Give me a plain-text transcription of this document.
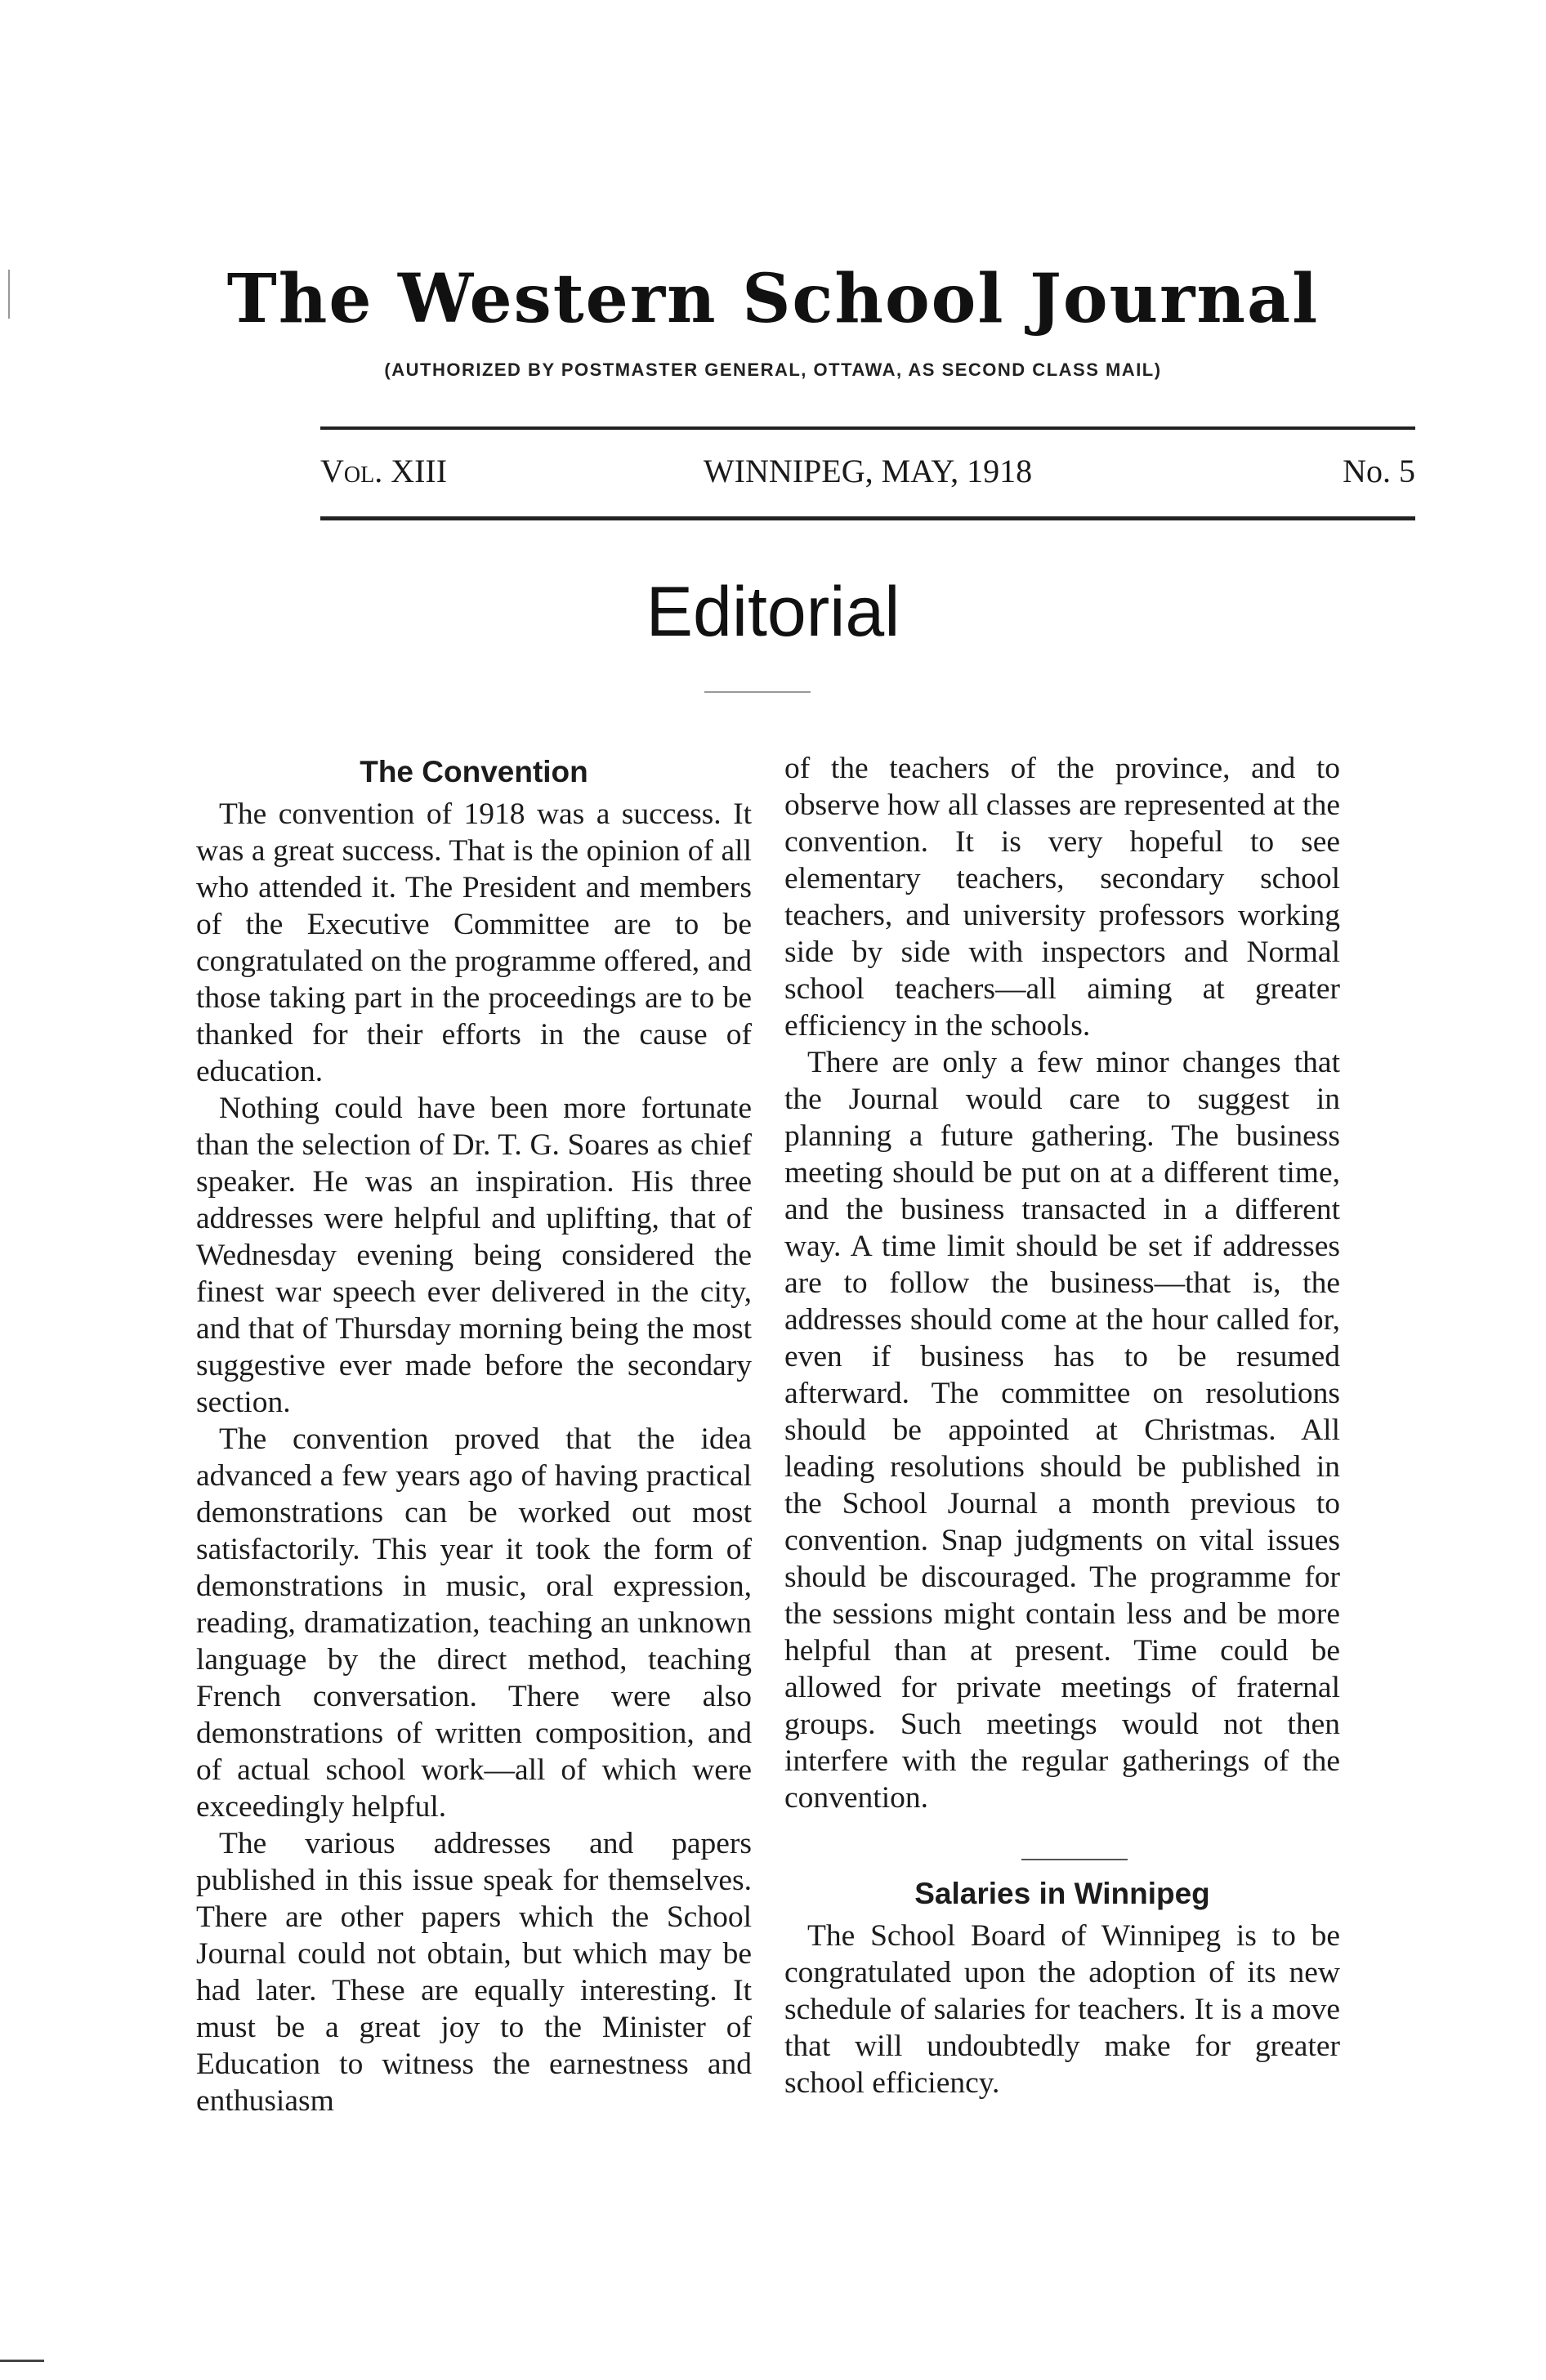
The Western School Journal
(AUTHORIZED BY POSTMASTER GENERAL, OTTAWA, AS SECOND CLASS MAIL)
Vol. XIII	WINNIPEG, MAY, 1918	No. 5
Editorial
The Convention

The convention of 1918 was a success. It was a great success. That is the opinion of all who attended it. The President and members of the Executive Committee are to be congratulated on the programme offered, and those taking part in the proceedings are to be thanked for their efforts in the cause of education.

Nothing could have been more fortunate than the selection of Dr. T. G. Soares as chief speaker. He was an inspiration. His three addresses were helpful and uplifting, that of Wednesday evening being considered the finest war speech ever delivered in the city, and that of Thursday morning being the most suggestive ever made before the secondary section.

The convention proved that the idea advanced a few years ago of having practical demonstrations can be worked out most satisfactorily. This year it took the form of demonstrations in music, oral expression, reading, dramatization, teaching an unknown language by the direct method, teaching French conversation. There were also demonstrations of written composition, and of actual school work—all of which were exceedingly helpful.

The various addresses and papers published in this issue speak for themselves. There are other papers which the School Journal could not obtain, but which may be had later. These are equally interesting. It must be a great joy to the Minister of Education to witness the earnestness and enthusiasm

of the teachers of the province, and to observe how all classes are represented at the convention. It is very hopeful to see elementary teachers, secondary school teachers, and university professors working side by side with inspectors and Normal school teachers—all aiming at greater efficiency in the schools.

There are only a few minor changes that the Journal would care to suggest in planning a future gathering. The business meeting should be put on at a different time, and the business transacted in a different way. A time limit should be set if addresses are to follow the business—that is, the addresses should come at the hour called for, even if business has to be resumed afterward. The committee on resolutions should be appointed at Christmas. All leading resolutions should be published in the School Journal a month previous to convention. Snap judgments on vital issues should be discouraged. The programme for the sessions might contain less and be more helpful than at present. Time could be allowed for private meetings of fraternal groups. Such meetings would not then interfere with the regular gatherings of the convention.

Salaries in Winnipeg

The School Board of Winnipeg is to be congratulated upon the adoption of its new schedule of salaries for teachers. It is a move that will undoubtedly make for greater school efficiency.
